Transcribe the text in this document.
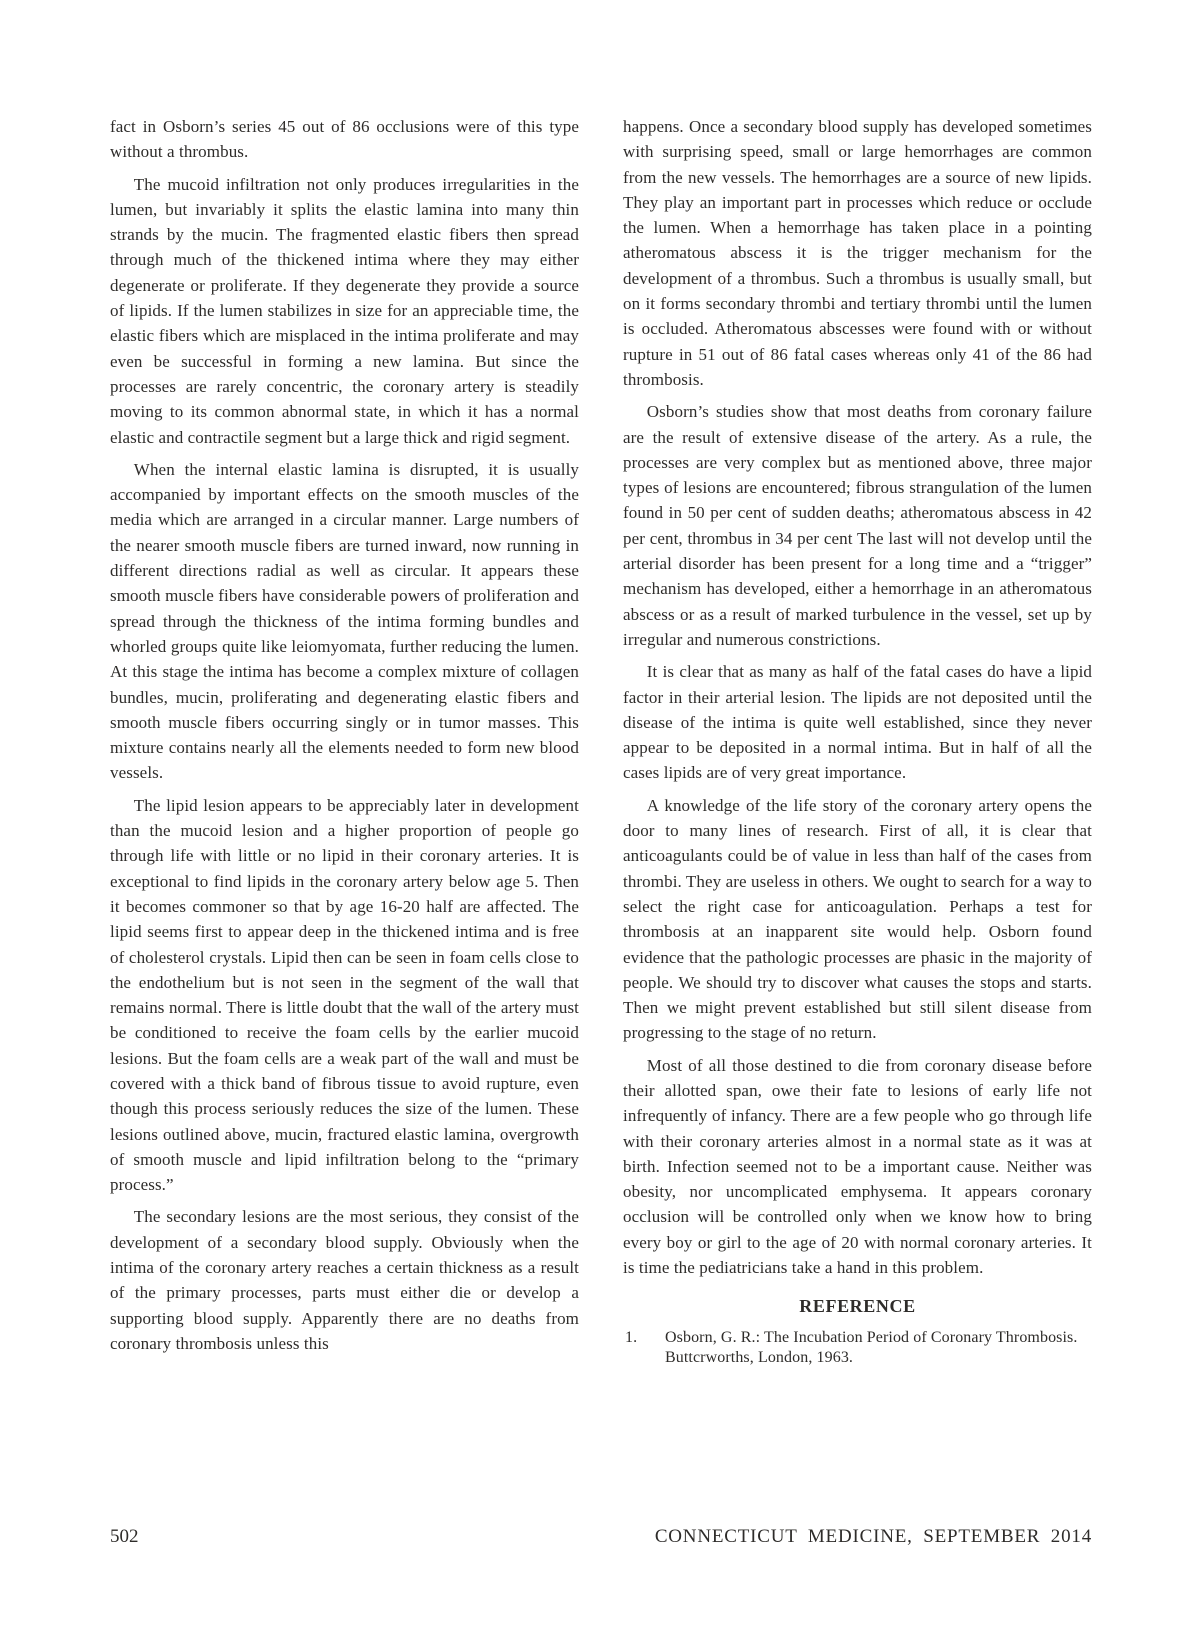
fact in Osborn’s series 45 out of 86 occlusions were of this type without a thrombus.

The mucoid infiltration not only produces irregularities in the lumen, but invariably it splits the elastic lamina into many thin strands by the mucin. The fragmented elastic fibers then spread through much of the thickened intima where they may either degenerate or proliferate. If they degenerate they provide a source of lipids. If the lumen stabilizes in size for an appreciable time, the elastic fibers which are misplaced in the intima proliferate and may even be successful in forming a new lamina. But since the processes are rarely concentric, the coronary artery is steadily moving to its common abnormal state, in which it has a normal elastic and contractile segment but a large thick and rigid segment.

When the internal elastic lamina is disrupted, it is usually accompanied by important effects on the smooth muscles of the media which are arranged in a circular manner. Large numbers of the nearer smooth muscle fibers are turned inward, now running in different directions radial as well as circular. It appears these smooth muscle fibers have considerable powers of proliferation and spread through the thickness of the intima forming bundles and whorled groups quite like leiomyomata, further reducing the lumen. At this stage the intima has become a complex mixture of collagen bundles, mucin, proliferating and degenerating elastic fibers and smooth muscle fibers occurring singly or in tumor masses. This mixture contains nearly all the elements needed to form new blood vessels.

The lipid lesion appears to be appreciably later in development than the mucoid lesion and a higher proportion of people go through life with little or no lipid in their coronary arteries. It is exceptional to find lipids in the coronary artery below age 5. Then it becomes commoner so that by age 16-20 half are affected. The lipid seems first to appear deep in the thickened intima and is free of cholesterol crystals. Lipid then can be seen in foam cells close to the endothelium but is not seen in the segment of the wall that remains normal. There is little doubt that the wall of the artery must be conditioned to receive the foam cells by the earlier mucoid lesions. But the foam cells are a weak part of the wall and must be covered with a thick band of fibrous tissue to avoid rupture, even though this process seriously reduces the size of the lumen. These lesions outlined above, mucin, fractured elastic lamina, overgrowth of smooth muscle and lipid infiltration belong to the “primary process.”

The secondary lesions are the most serious, they consist of the development of a secondary blood supply. Obviously when the intima of the coronary artery reaches a certain thickness as a result of the primary processes, parts must either die or develop a supporting blood supply. Apparently there are no deaths from coronary thrombosis unless this

happens. Once a secondary blood supply has developed sometimes with surprising speed, small or large hemorrhages are common from the new vessels. The hemorrhages are a source of new lipids. They play an important part in processes which reduce or occlude the lumen. When a hemorrhage has taken place in a pointing atheromatous abscess it is the trigger mechanism for the development of a thrombus. Such a thrombus is usually small, but on it forms secondary thrombi and tertiary thrombi until the lumen is occluded. Atheromatous abscesses were found with or without rupture in 51 out of 86 fatal cases whereas only 41 of the 86 had thrombosis.

Osborn’s studies show that most deaths from coronary failure are the result of extensive disease of the artery. As a rule, the processes are very complex but as mentioned above, three major types of lesions are encountered; fibrous strangulation of the lumen found in 50 per cent of sudden deaths; atheromatous abscess in 42 per cent, thrombus in 34 per cent The last will not develop until the arterial disorder has been present for a long time and a “trigger” mechanism has developed, either a hemorrhage in an atheromatous abscess or as a result of marked turbulence in the vessel, set up by irregular and numerous constrictions.

It is clear that as many as half of the fatal cases do have a lipid factor in their arterial lesion. The lipids are not deposited until the disease of the intima is quite well established, since they never appear to be deposited in a normal intima. But in half of all the cases lipids are of very great importance.

A knowledge of the life story of the coronary artery opens the door to many lines of research. First of all, it is clear that anticoagulants could be of value in less than half of the cases from thrombi. They are useless in others. We ought to search for a way to select the right case for anticoagulation. Perhaps a test for thrombosis at an inapparent site would help. Osborn found evidence that the pathologic processes are phasic in the majority of people. We should try to discover what causes the stops and starts. Then we might prevent established but still silent disease from progressing to the stage of no return.

Most of all those destined to die from coronary disease before their allotted span, owe their fate to lesions of early life not infrequently of infancy. There are a few people who go through life with their coronary arteries almost in a normal state as it was at birth. Infection seemed not to be a important cause. Neither was obesity, nor uncomplicated emphysema. It appears coronary occlusion will be controlled only when we know how to bring every boy or girl to the age of 20 with normal coronary arteries. It is time the pediatricians take a hand in this problem.

REFERENCE
1.	Osborn, G. R.: The Incubation Period of Coronary Thrombosis. Buttcrworths, London, 1963.
502	CONNECTICUT MEDICINE, SEPTEMBER 2014
